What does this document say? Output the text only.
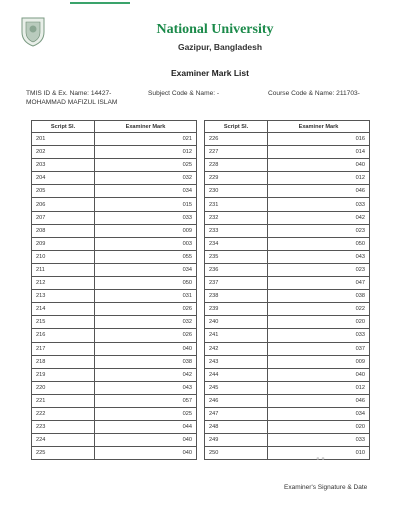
National University
Gazipur, Bangladesh
Examiner Mark List
TMIS ID & Ex. Name: 14427-MOHAMMAD MAFIZUL ISLAM
Subject Code & Name: -	Course Code & Name: 211703-
Script Sl.	Examiner Mark
201	021
202	012
203	025
204	032
205	034
206	015
207	033
208	009
209	003
210	055
211	034
212	050
213	031
214	026
215	032
216	026
217	040
218	038
219	042
220	043
221	057
222	025
223	044
224	040
225	040
Script Sl.	Examiner Mark
226	016
227	014
228	040
229	012
230	046
231	033
232	042
233	023
234	050
235	043
236	023
237	047
238	038
239	022
240	020
241	033
242	037
243	009
244	040
245	012
246	046
247	034
248	020
249	033
250	010
● ●
Examiner's Signature & Date
